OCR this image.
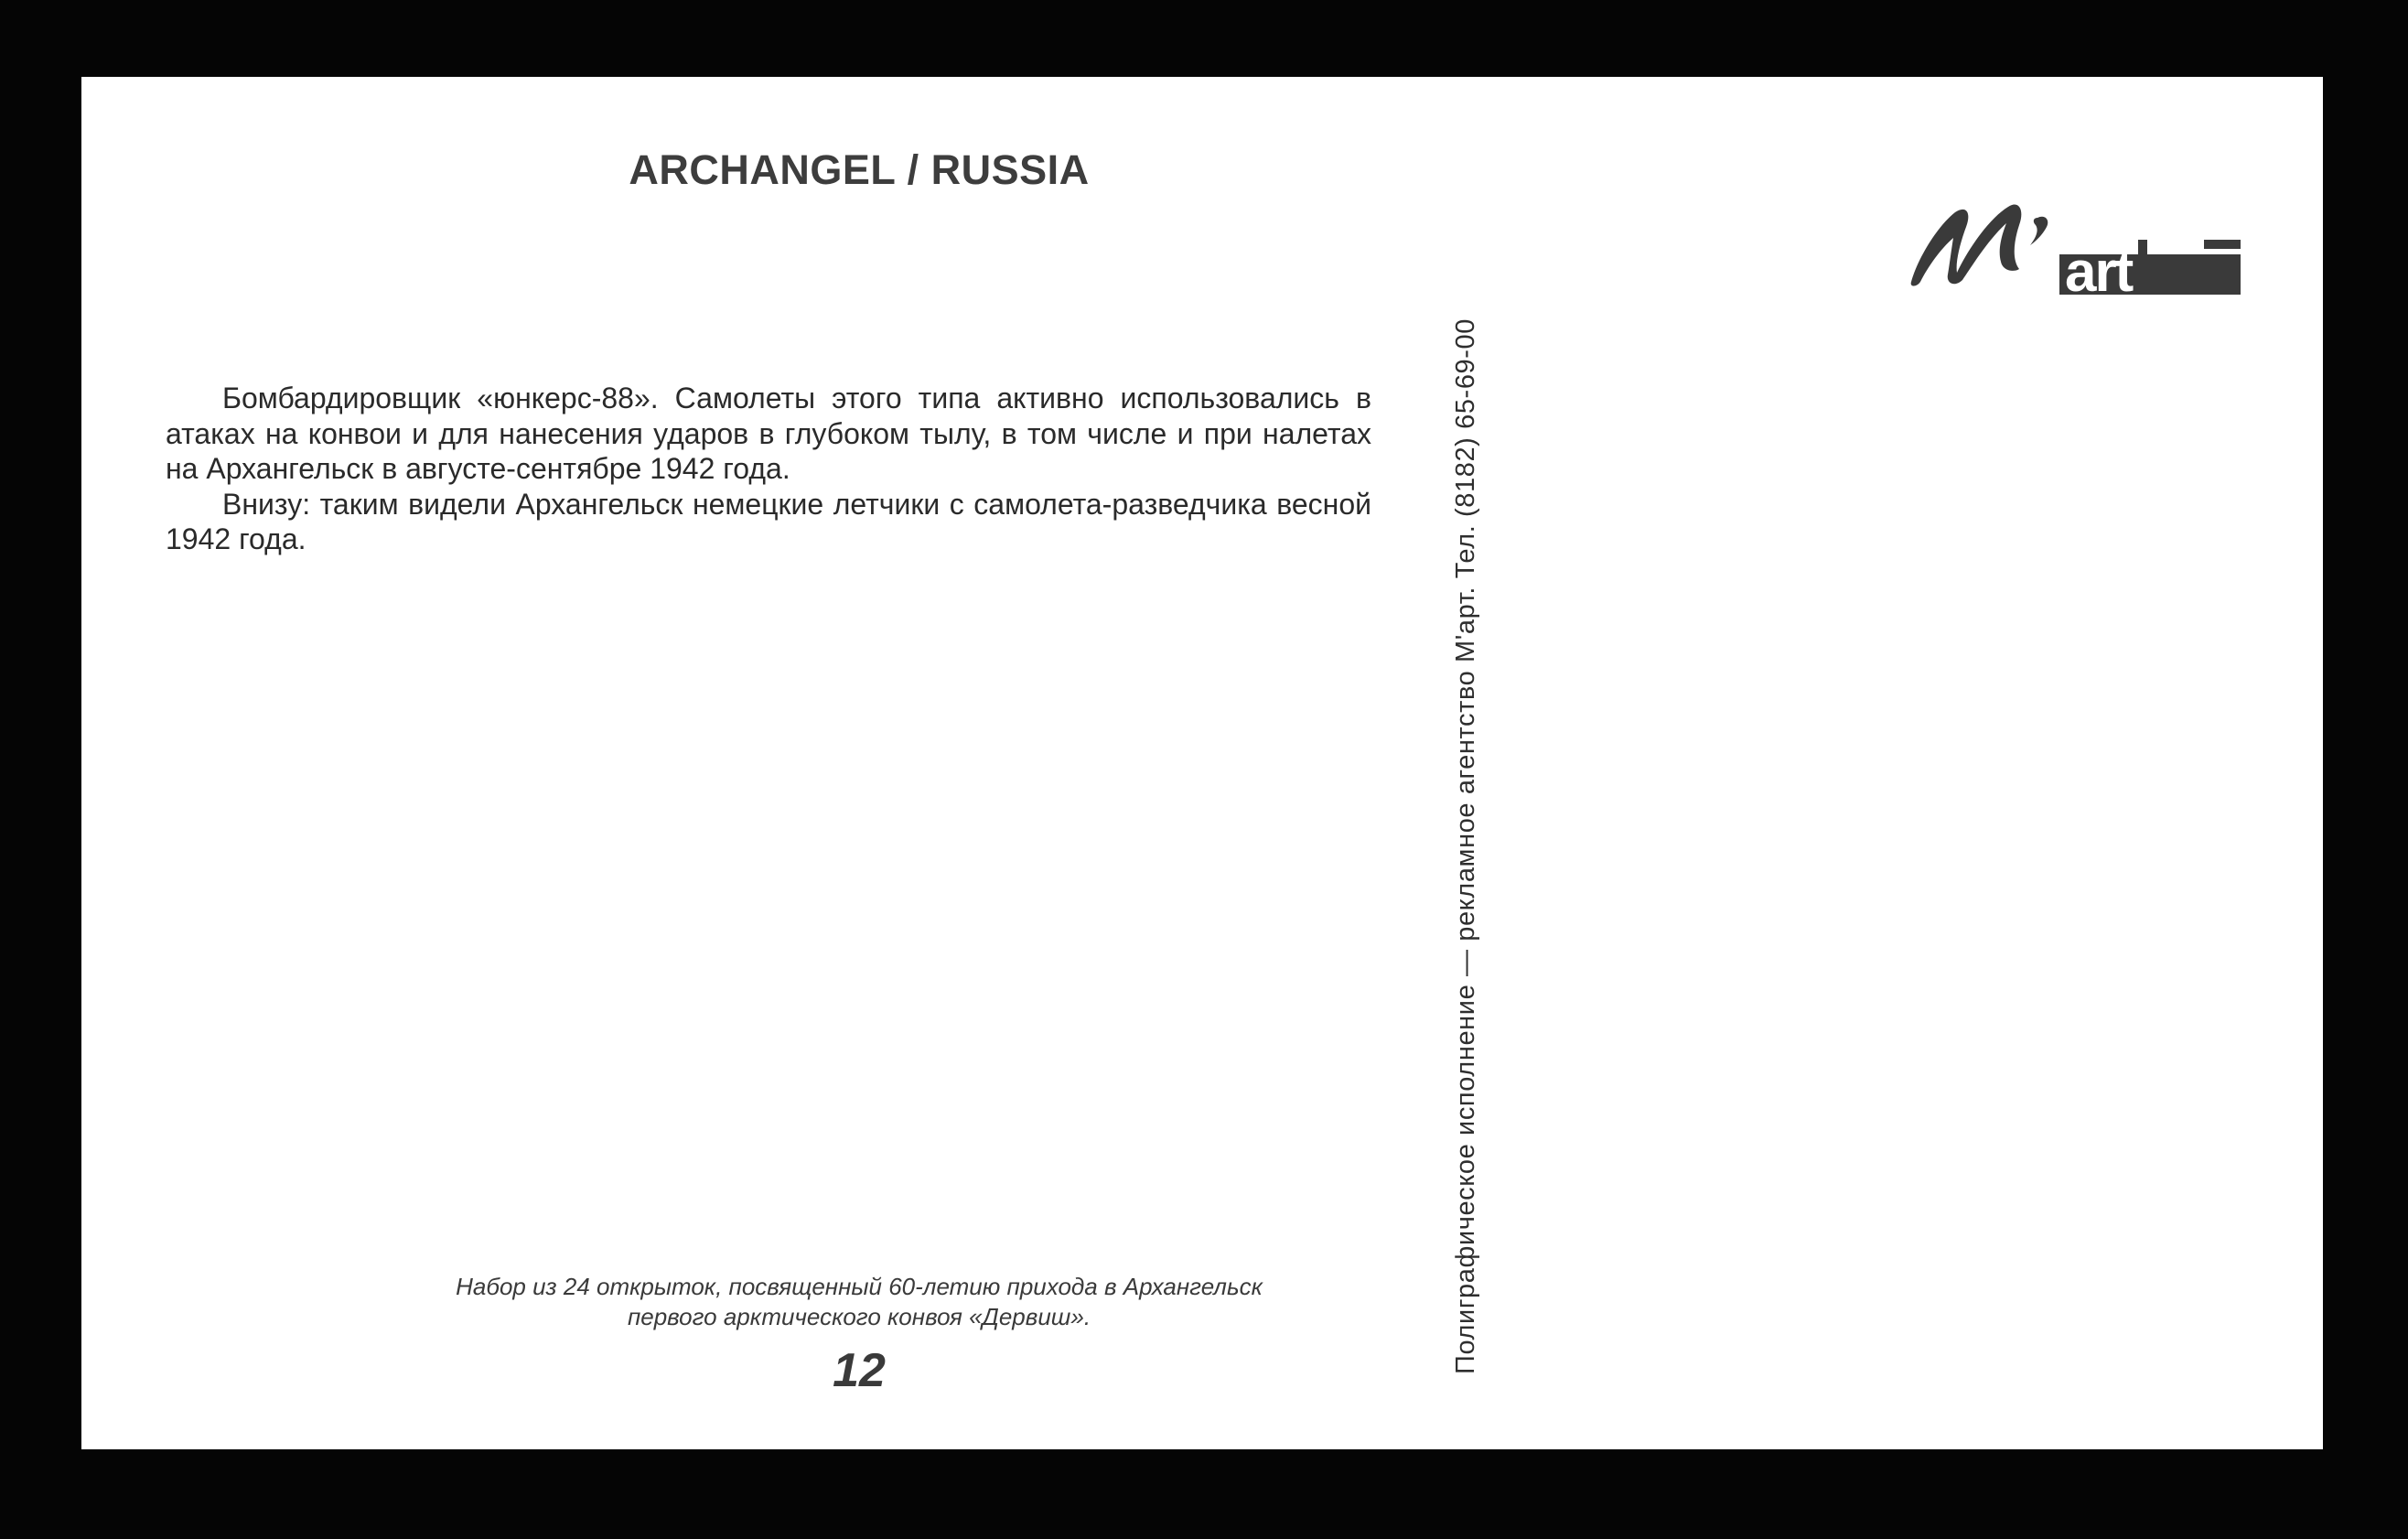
ARCHANGEL / RUSSIA

Бомбардировщик «юнкерс-88». Самолеты этого типа активно использовались в атаках на конвои и для нанесения ударов в глубоком тылу, в том числе и при налетах на Архангельск в августе-сентябре 1942 года.

Внизу: таким видели Архангельск немецкие летчики с самолета-разведчика весной 1942 года.

Набор из 24 открыток, посвященный 60-летию прихода в Архангельск
первого арктического конвоя «Дервиш».
12	Полиграфическое исполнение — рекламное агентство М'арт. Тел. (8182) 65-69-00
art
